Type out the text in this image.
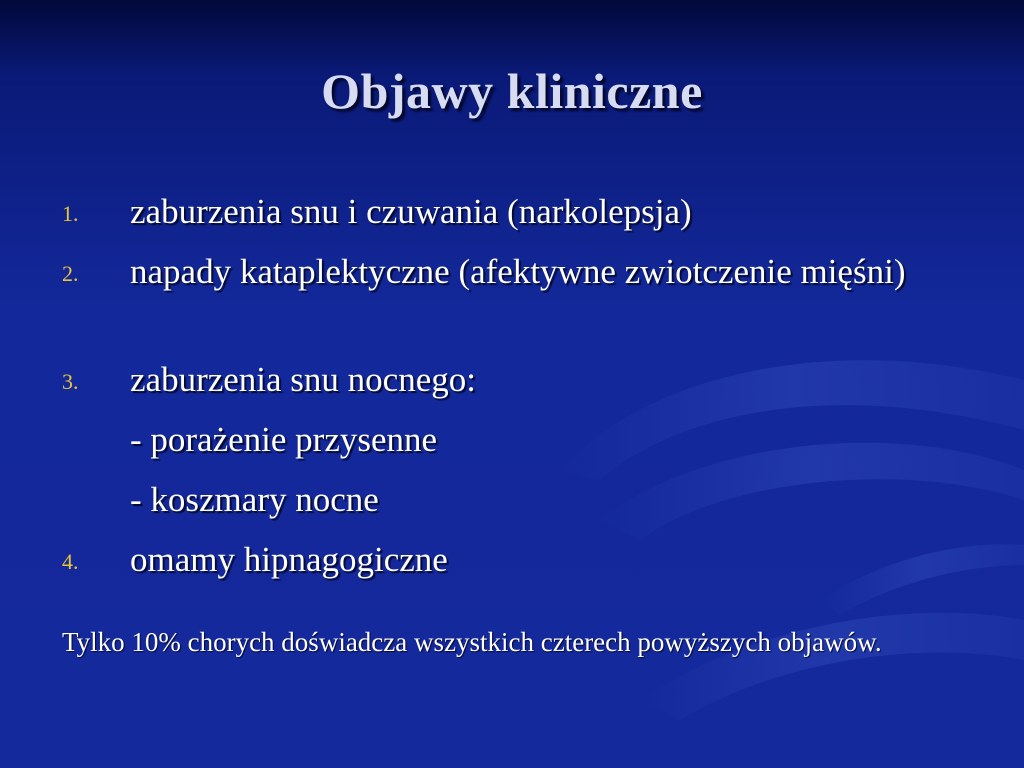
Objawy kliniczne
1. zaburzenia snu i czuwania (narkolepsja)
2. napady kataplektyczne (afektywne zwiotczenie mięśni)
3. zaburzenia snu nocnego:
- porażenie przysenne
- koszmary nocne
4. omamy hipnagogiczne
Tylko 10% chorych doświadcza wszystkich czterech powyższych objawów.
